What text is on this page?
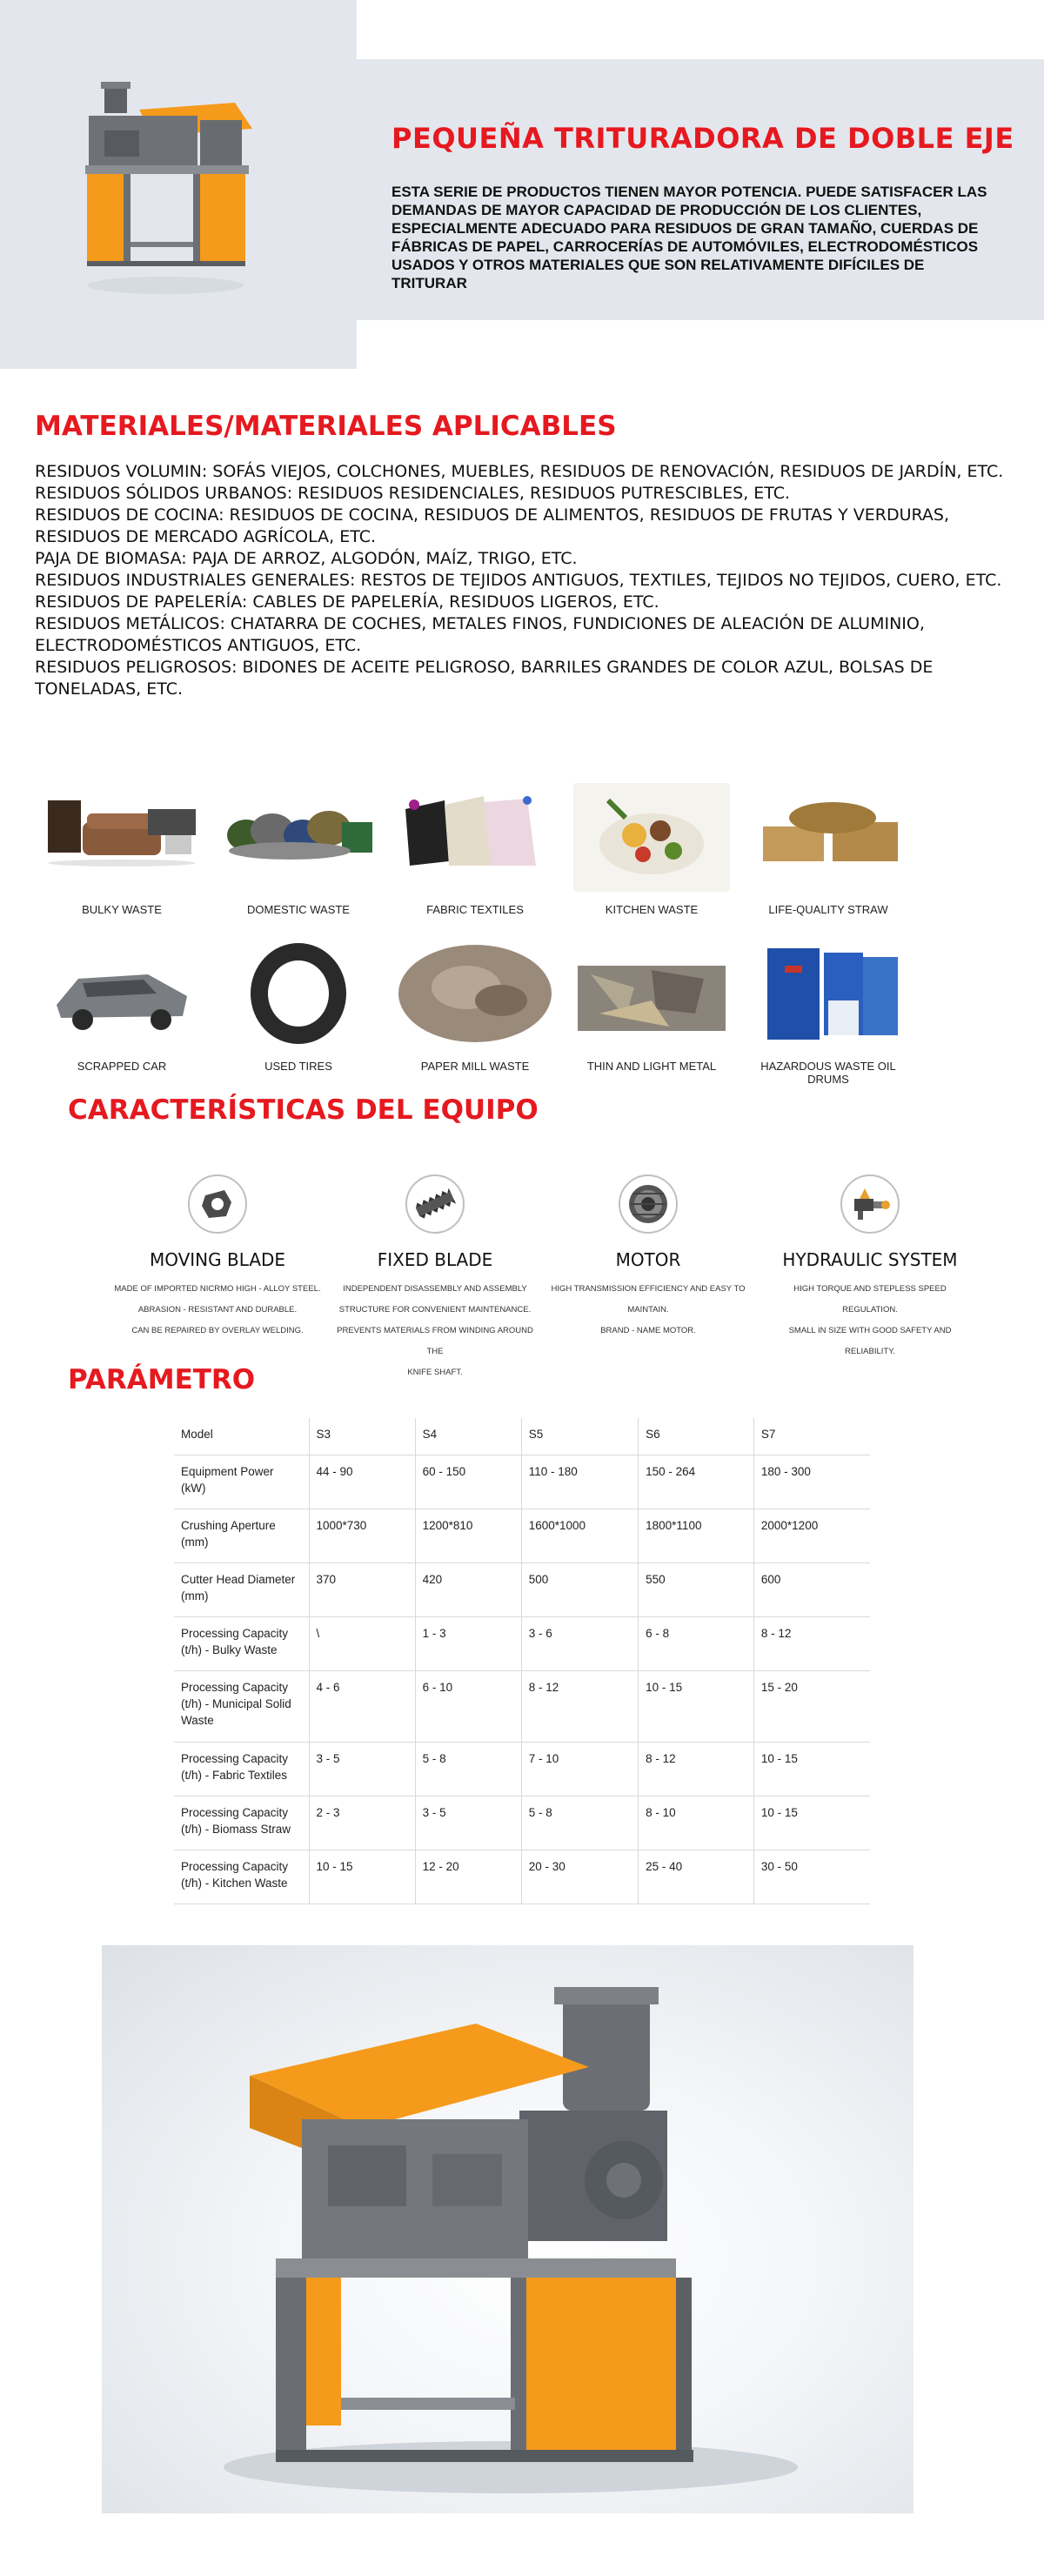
PEQUEÑA TRITURADORA DE DOBLE EJE

ESTA SERIE DE PRODUCTOS TIENEN MAYOR POTENCIA. PUEDE SATISFACER LAS DEMANDAS DE MAYOR CAPACIDAD DE PRODUCCIÓN DE LOS CLIENTES, ESPECIALMENTE ADECUADO PARA RESIDUOS DE GRAN TAMAÑO, CUERDAS DE FÁBRICAS DE PAPEL, CARROCERÍAS DE AUTOMÓVILES, ELECTRODOMÉSTICOS USADOS Y OTROS MATERIALES QUE SON RELATIVAMENTE DIFÍCILES DE TRITURAR

MATERIALES/MATERIALES APLICABLES

RESIDUOS VOLUMIN: SOFÁS VIEJOS, COLCHONES, MUEBLES, RESIDUOS DE RENOVACIÓN, RESIDUOS DE JARDÍN, ETC.

RESIDUOS SÓLIDOS URBANOS: RESIDUOS RESIDENCIALES, RESIDUOS PUTRESCIBLES, ETC.

RESIDUOS DE COCINA: RESIDUOS DE COCINA, RESIDUOS DE ALIMENTOS, RESIDUOS DE FRUTAS Y VERDURAS, RESIDUOS DE MERCADO AGRÍCOLA, ETC.

PAJA DE BIOMASA: PAJA DE ARROZ, ALGODÓN, MAÍZ, TRIGO, ETC.

RESIDUOS INDUSTRIALES GENERALES: RESTOS DE TEJIDOS ANTIGUOS, TEXTILES, TEJIDOS NO TEJIDOS, CUERO, ETC.

RESIDUOS DE PAPELERÍA: CABLES DE PAPELERÍA, RESIDUOS LIGEROS, ETC.

RESIDUOS METÁLICOS: CHATARRA DE COCHES, METALES FINOS, FUNDICIONES DE ALEACIÓN DE ALUMINIO, ELECTRODOMÉSTICOS ANTIGUOS, ETC.

RESIDUOS PELIGROSOS: BIDONES DE ACEITE PELIGROSO, BARRILES GRANDES DE COLOR AZUL, BOLSAS DE TONELADAS, ETC.

BULKY WASTE	DOMESTIC WASTE	FABRIC TEXTILES	KITCHEN WASTE	LIFE-QUALITY STRAW
SCRAPPED CAR	USED TIRES	PAPER MILL WASTE	THIN AND LIGHT METAL	HAZARDOUS WASTE OIL DRUMS
CARACTERÍSTICAS DEL EQUIPO
MOVING BLADE
MADE OF IMPORTED NICRMO HIGH - ALLOY STEEL.
ABRASION - RESISTANT AND DURABLE.
CAN BE REPAIRED BY OVERLAY WELDING.
FIXED BLADE
INDEPENDENT DISASSEMBLY AND ASSEMBLY
STRUCTURE FOR CONVENIENT MAINTENANCE.
PREVENTS MATERIALS FROM WINDING AROUND THE
KNIFE SHAFT.
MOTOR
HIGH TRANSMISSION EFFICIENCY AND EASY TO
MAINTAIN.
BRAND - NAME MOTOR.
HYDRAULIC SYSTEM
HIGH TORQUE AND STEPLESS SPEED REGULATION.
SMALL IN SIZE WITH GOOD SAFETY AND RELIABILITY.
PARÁMETRO
Model	S3	S4	S5	S6	S7
Equipment Power (kW)	44 - 90	60 - 150	110 - 180	150 - 264	180 - 300
Crushing Aperture (mm)	1000*730	1200*810	1600*1000	1800*1100	2000*1200
Cutter Head Diameter (mm)	370	420	500	550	600
Processing Capacity (t/h) - Bulky Waste	\	1 - 3	3 - 6	6 - 8	8 - 12
Processing Capacity (t/h) - Municipal Solid Waste	4 - 6	6 - 10	8 - 12	10 - 15	15 - 20
Processing Capacity (t/h) - Fabric Textiles	3 - 5	5 - 8	7 - 10	8 - 12	10 - 15
Processing Capacity (t/h) - Biomass Straw	2 - 3	3 - 5	5 - 8	8 - 10	10 - 15
Processing Capacity (t/h) - Kitchen Waste	10 - 15	12 - 20	20 - 30	25 - 40	30 - 50
